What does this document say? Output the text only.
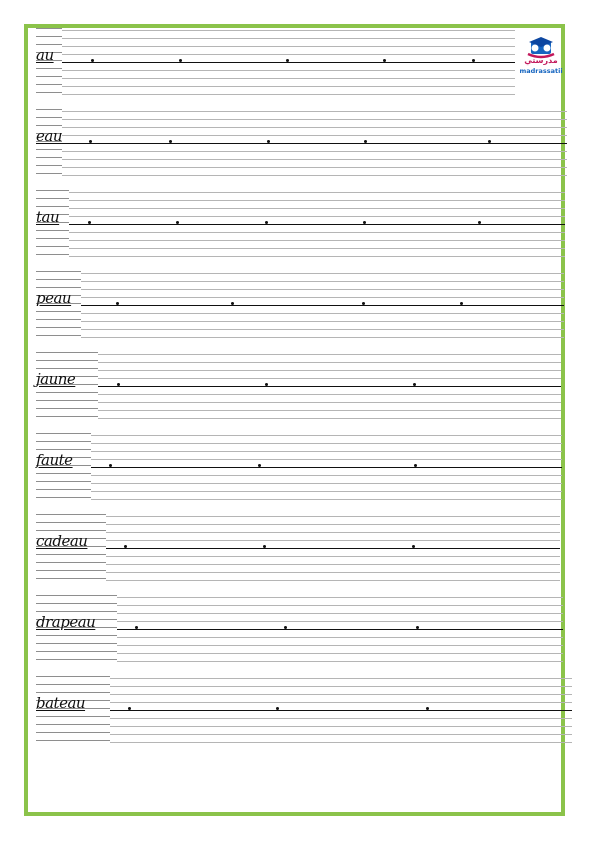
مدرستي
madrassatii
au
eau
tau
peau
jaune
faute
cadeau
drapeau
bateau
